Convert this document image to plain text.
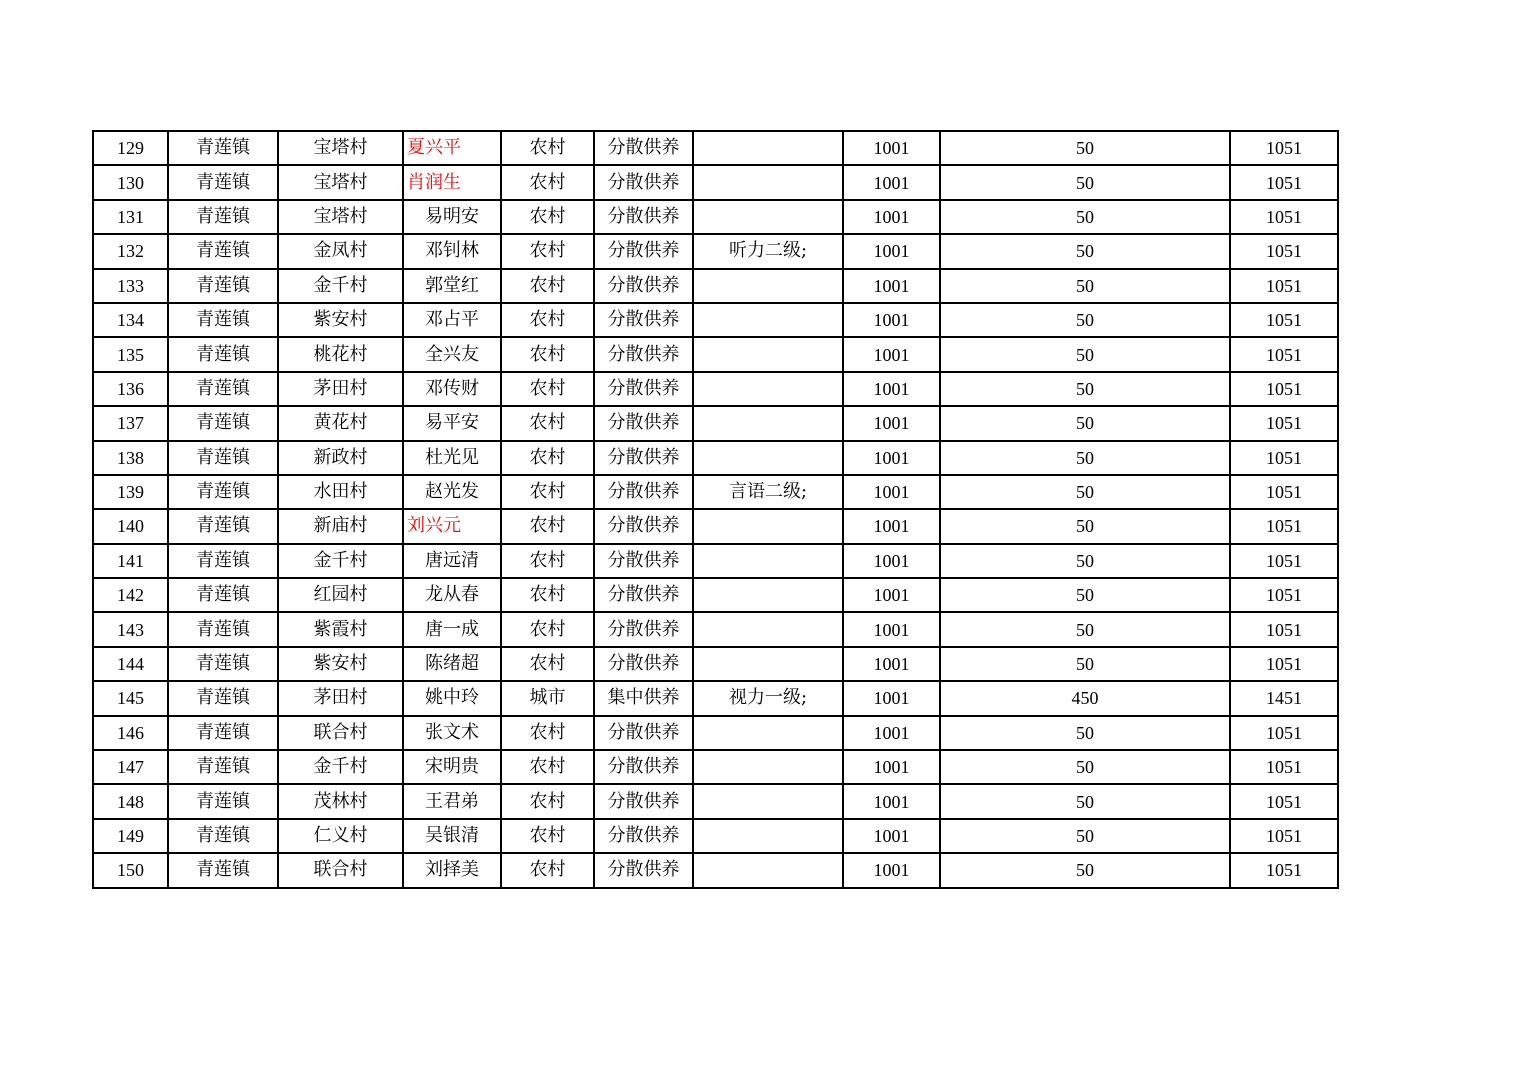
129	青莲镇	宝塔村	夏兴平	农村	分散供养		1001	50	1051
130	青莲镇	宝塔村	肖润生	农村	分散供养		1001	50	1051
131	青莲镇	宝塔村	易明安	农村	分散供养		1001	50	1051
132	青莲镇	金凤村	邓钊林	农村	分散供养	听力二级;	1001	50	1051
133	青莲镇	金千村	郭堂红	农村	分散供养		1001	50	1051
134	青莲镇	紫安村	邓占平	农村	分散供养		1001	50	1051
135	青莲镇	桃花村	全兴友	农村	分散供养		1001	50	1051
136	青莲镇	茅田村	邓传财	农村	分散供养		1001	50	1051
137	青莲镇	黄花村	易平安	农村	分散供养		1001	50	1051
138	青莲镇	新政村	杜光见	农村	分散供养		1001	50	1051
139	青莲镇	水田村	赵光发	农村	分散供养	言语二级;	1001	50	1051
140	青莲镇	新庙村	刘兴元	农村	分散供养		1001	50	1051
141	青莲镇	金千村	唐远清	农村	分散供养		1001	50	1051
142	青莲镇	红园村	龙从春	农村	分散供养		1001	50	1051
143	青莲镇	紫霞村	唐一成	农村	分散供养		1001	50	1051
144	青莲镇	紫安村	陈绪超	农村	分散供养		1001	50	1051
145	青莲镇	茅田村	姚中玲	城市	集中供养	视力一级;	1001	450	1451
146	青莲镇	联合村	张文术	农村	分散供养		1001	50	1051
147	青莲镇	金千村	宋明贵	农村	分散供养		1001	50	1051
148	青莲镇	茂林村	王君弟	农村	分散供养		1001	50	1051
149	青莲镇	仁义村	吴银清	农村	分散供养		1001	50	1051
150	青莲镇	联合村	刘择美	农村	分散供养		1001	50	1051
